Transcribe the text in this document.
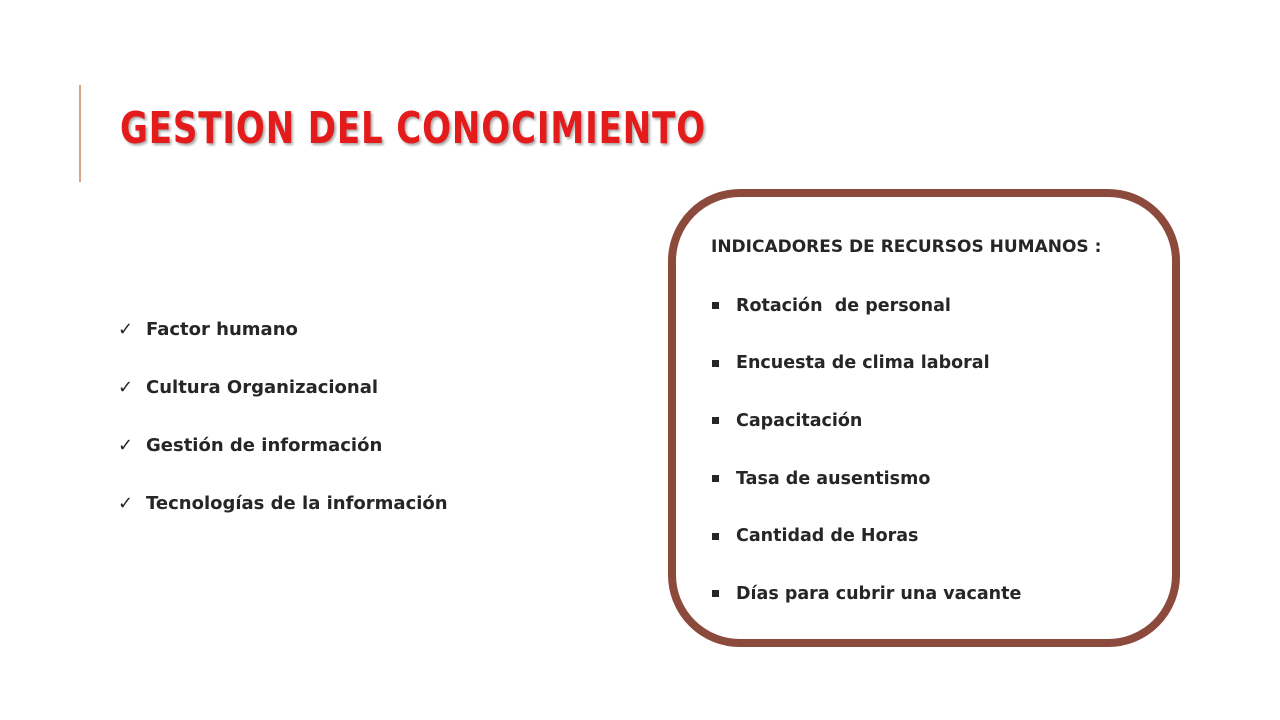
GESTION DEL CONOCIMIENTO
✓ Factor humano
✓ Cultura Organizacional
✓ Gestión de información
✓ Tecnologías de la información
INDICADORES DE RECURSOS HUMANOS :
Rotación  de personal
Encuesta de clima laboral
Capacitación
Tasa de ausentismo
Cantidad de Horas
Días para cubrir una vacante
